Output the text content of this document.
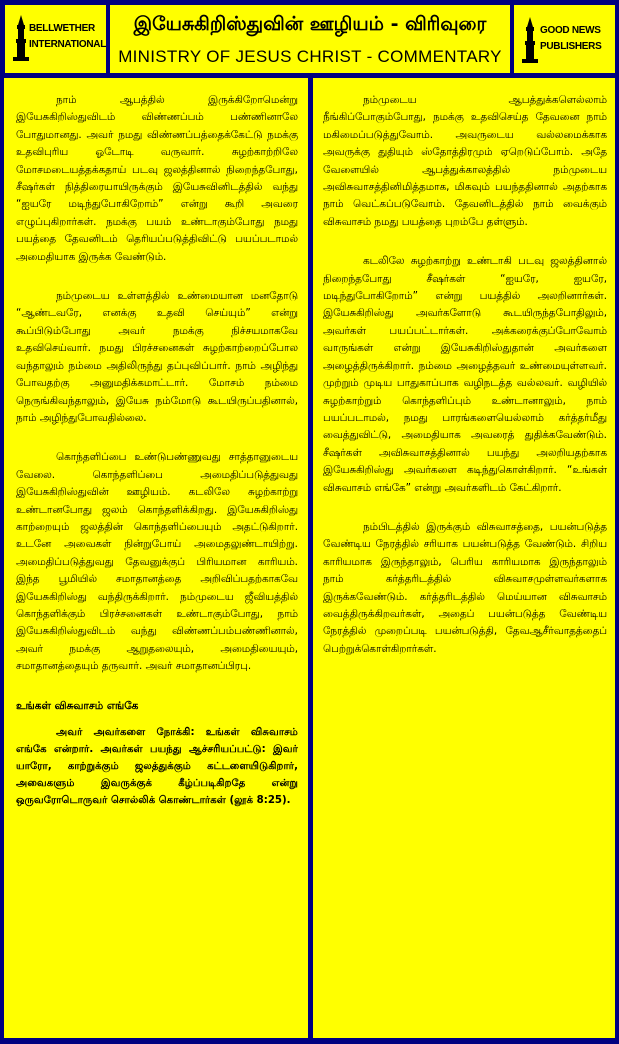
BELLWETHER INTERNATIONAL
இயேசுகிறிஸ்துவின் ஊழியம் - விரிவுரை
MINISTRY OF JESUS CHRIST - COMMENTARY
GOOD NEWS PUBLISHERS

நாம் ஆபத்தில் இருக்கிறோமென்று இயேசுகிறிஸ்துவிடம் விண்ணப்பம் பண்ணினாலே போதுமானது. அவர் நமது விண்ணப்பத்தைக்கேட்டு நமக்கு உதவிபுரிய ஓடோடி வருவார். சுழற்காற்றிலே மோசமடையத்தக்கதாய் படவு ஜலத்தினால் நிறைந்தபோது, சீஷர்கள் நித்திரையாயிருக்கும் இயேசுவினிடத்தில் வந்து “ஐயரே மடிந்துபோகிறோம்” என்று கூறி அவரை எழுப்புகிறார்கள். நமக்கு பயம் உண்டாகும்போது நமது பயத்தை தேவனிடம் தெரியப்படுத்திவிட்டு பயப்படாமல் அமைதியாக இருக்க வேண்டும்.

நம்முடைய உள்ளத்தில் உண்மையான மனதோடு “ஆண்டவரே, எனக்கு உதவி செய்யும்” என்று கூப்பிடும்போது அவர் நமக்கு நிச்சயமாகவே உதவிசெய்வார். நமது பிரச்சனைகள் சுழற்காற்றைப்போல வந்தாலும் நம்மை அதிலிருந்து தப்புவிப்பார். நாம் அழிந்து போவதற்கு அனுமதிக்கமாட்டார். மோசம் நம்மை நெருங்கிவந்தாலும், இயேசு நம்மோடு கூடயிருப்பதினால், நாம் அழிந்துபோவதில்லை.

கொந்தளிப்பை உண்டுபண்ணுவது சாத்தானுடைய வேலை. கொந்தளிப்பை அமைதிப்படுத்துவது இயேசுகிறிஸ்துவின் ஊழியம். கடலிலே சுழற்காற்று உண்டானபோது ஜலம் கொந்தளிக்கிறது. இயேசுகிறிஸ்து காற்றையும் ஜலத்தின் கொந்தளிப்பையும் அதட்டுகிறார். உடனே அவைகள் நின்றுபோய் அமைதலுண்டாயிற்று. அமைதிப்படுத்துவது தேவனுக்குப் பிரியமான காரியம். இந்த பூமியில் சமாதானத்தை அறிவிப்பதற்காகவே இயேசுகிறிஸ்து வந்திருக்கிறார். நம்முடைய ஜீவியத்தில் கொந்தளிக்கும் பிரச்சனைகள் உண்டாகும்போது, நாம் இயேசுகிறிஸ்துவிடம் வந்து விண்ணப்பம்பண்ணினால், அவர் நமக்கு ஆறுதலையும், அமைதியையும், சமாதானத்தையும் தருவார். அவர் சமாதானப்பிரபு.

உங்கள் விசுவாசம் எங்கே

அவர் அவர்களை நோக்கி: உங்கள் விசுவாசம் எங்கே என்றார். அவர்கள் பயந்து ஆச்சரியப்பட்டு: இவர் யாரோ, காற்றுக்கும் ஜலத்துக்கும் கட்டளையிடுகிறார், அவைகளும் இவருக்குக் கீழ்ப்படிகிறதே என்று ஒருவரோடொருவர் சொல்லிக் கொண்டார்கள் (லூக் 8:25).

நம்முடைய ஆபத்துக்களெல்லாம் நீங்கிப்போகும்போது, நமக்கு உதவிசெய்த தேவனை நாம் மகிமைப்படுத்துவோம். அவருடைய வல்லமைக்காக அவருக்கு துதியும் ஸ்தோத்திரமும் ஏறெடுப்போம். அதே வேளையில் ஆபத்துக்காலத்தில் நம்முடைய அவிசுவாசத்தினிமித்தமாக, மிகவும் பயந்ததினால் அதற்காக நாம் வெட்கப்படுவோம். தேவனிடத்தில் நாம் வைக்கும் விசுவாசம் நமது பயத்தை புறம்பே தள்ளும்.

கடலிலே சுழற்காற்று உண்டாகி படவு ஜலத்தினால் நிறைந்தபோது சீஷர்கள் “ஐயரே, ஐயரே, மடிந்துபோகிறோம்” என்று பயத்தில் அலறினார்கள். இயேசுகிறிஸ்து அவர்களோடு கூடயிருந்தபோதிலும், அவர்கள் பயப்பட்டார்கள். அக்கரைக்குப்போவோம் வாருங்கள் என்று இயேசுகிறிஸ்துதான் அவர்களை அழைத்திருக்கிறார். நம்மை அழைத்தவர் உண்மையுள்ளவர். முற்றும் முடிய பாதுகாப்பாக வழிநடத்த வல்லவர். வழியில் சுழற்காற்றும் கொந்தளிப்பும் உண்டானாலும், நாம் பயப்படாமல், நமது பாரங்களையெல்லாம் கர்த்தர்மீது வைத்துவிட்டு, அமைதியாக அவரைத் துதிக்கவேண்டும். சீஷர்கள் அவிசுவாசத்தினால் பயந்து அலறியதற்காக இயேசுகிறிஸ்து அவர்களை கடிந்துகொள்கிறார். “உங்கள் விசுவாசம் எங்கே” என்று அவர்களிடம் கேட்கிறார்.

நம்பிடத்தில் இருக்கும் விசுவாசத்தை, பயன்படுத்த வேண்டிய நேரத்தில் சரியாக பயன்படுத்த வேண்டும். சிறிய காரியமாக இருந்தாலும், பெரிய காரியமாக இருந்தாலும் நாம் கர்த்தரிடத்தில் விசுவாசமுள்ளவர்களாக இருக்கவேண்டும். கர்த்தரிடத்தில் மெய்யான விசுவாசம் வைத்திருக்கிறவர்கள், அதைப் பயன்படுத்த வேண்டிய நேரத்தில் முறைப்படி பயன்படுத்தி, தேவஆசீர்வாதத்தைப் பெற்றுக்கொள்கிறார்கள்.
